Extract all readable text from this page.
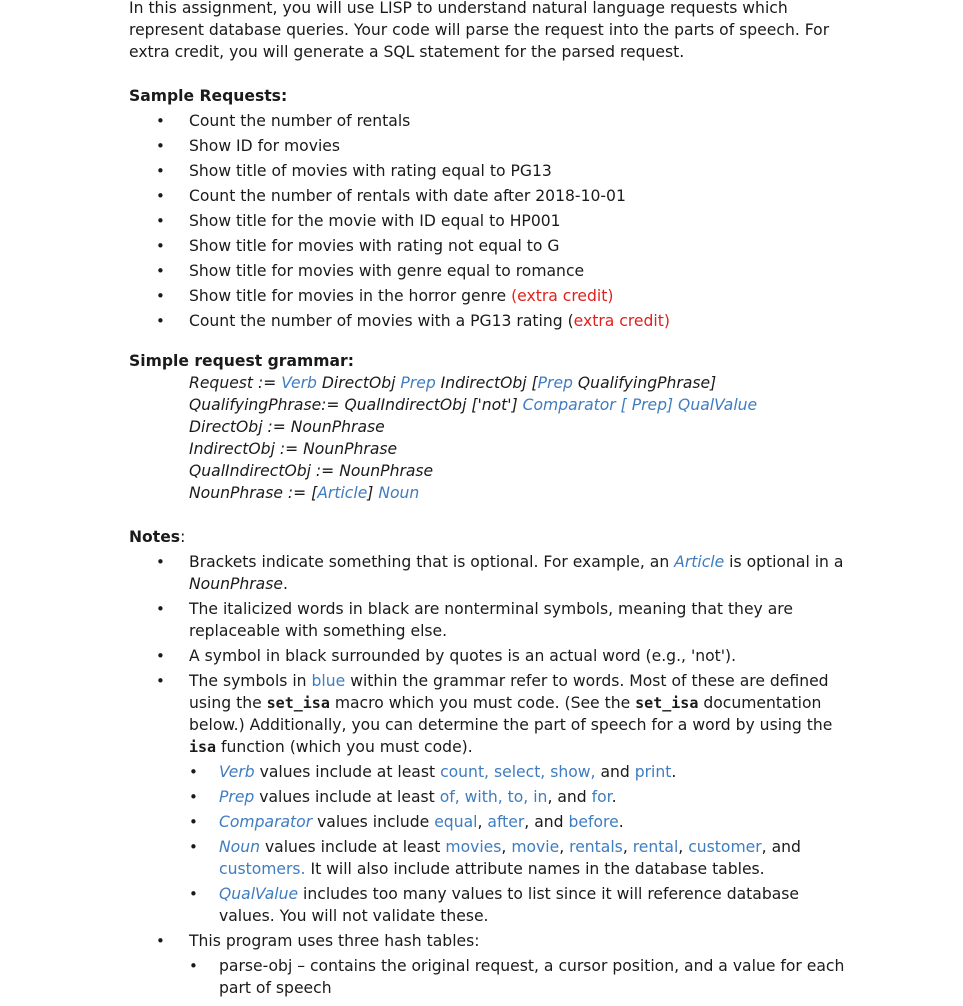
In this assignment, you will use LISP to understand natural language requests which represent database queries. Your code will parse the request into the parts of speech. For extra credit, you will generate a SQL statement for the parsed request.

Sample Requests:

• Count the number of rentals
• Show ID for movies
• Show title of movies with rating equal to PG13
• Count the number of rentals with date after 2018-10-01
• Show title for the movie with ID equal to HP001
• Show title for movies with rating not equal to G
• Show title for movies with genre equal to romance
• Show title for movies in the horror genre (extra credit)
• Count the number of movies with a PG13 rating (extra credit)

Simple request grammar:

Request := Verb DirectObj Prep IndirectObj [Prep QualifyingPhrase]

QualifyingPhrase:= QualIndirectObj ['not'] Comparator [ Prep] QualValue

DirectObj := NounPhrase

IndirectObj := NounPhrase

QualIndirectObj := NounPhrase

NounPhrase := [Article] Noun

Notes:

• Brackets indicate something that is optional. For example, an Article is optional in a NounPhrase.
• The italicized words in black are nonterminal symbols, meaning that they are replaceable with something else.
• A symbol in black surrounded by quotes is an actual word (e.g., 'not').
• The symbols in blue within the grammar refer to words. Most of these are defined using the set_isa macro which you must code. (See the set_isa documentation below.) Additionally, you can determine the part of speech for a word by using the isa function (which you must code).
• Verb values include at least count, select, show, and print.
• Prep values include at least of, with, to, in, and for.
• Comparator values include equal, after, and before.
• Noun values include at least movies, movie, rentals, rental, customer, and customers. It will also include attribute names in the database tables.
• QualValue includes too many values to list since it will reference database values. You will not validate these.
• This program uses three hash tables:
• parse-obj – contains the original request, a cursor position, and a value for each part of speech
